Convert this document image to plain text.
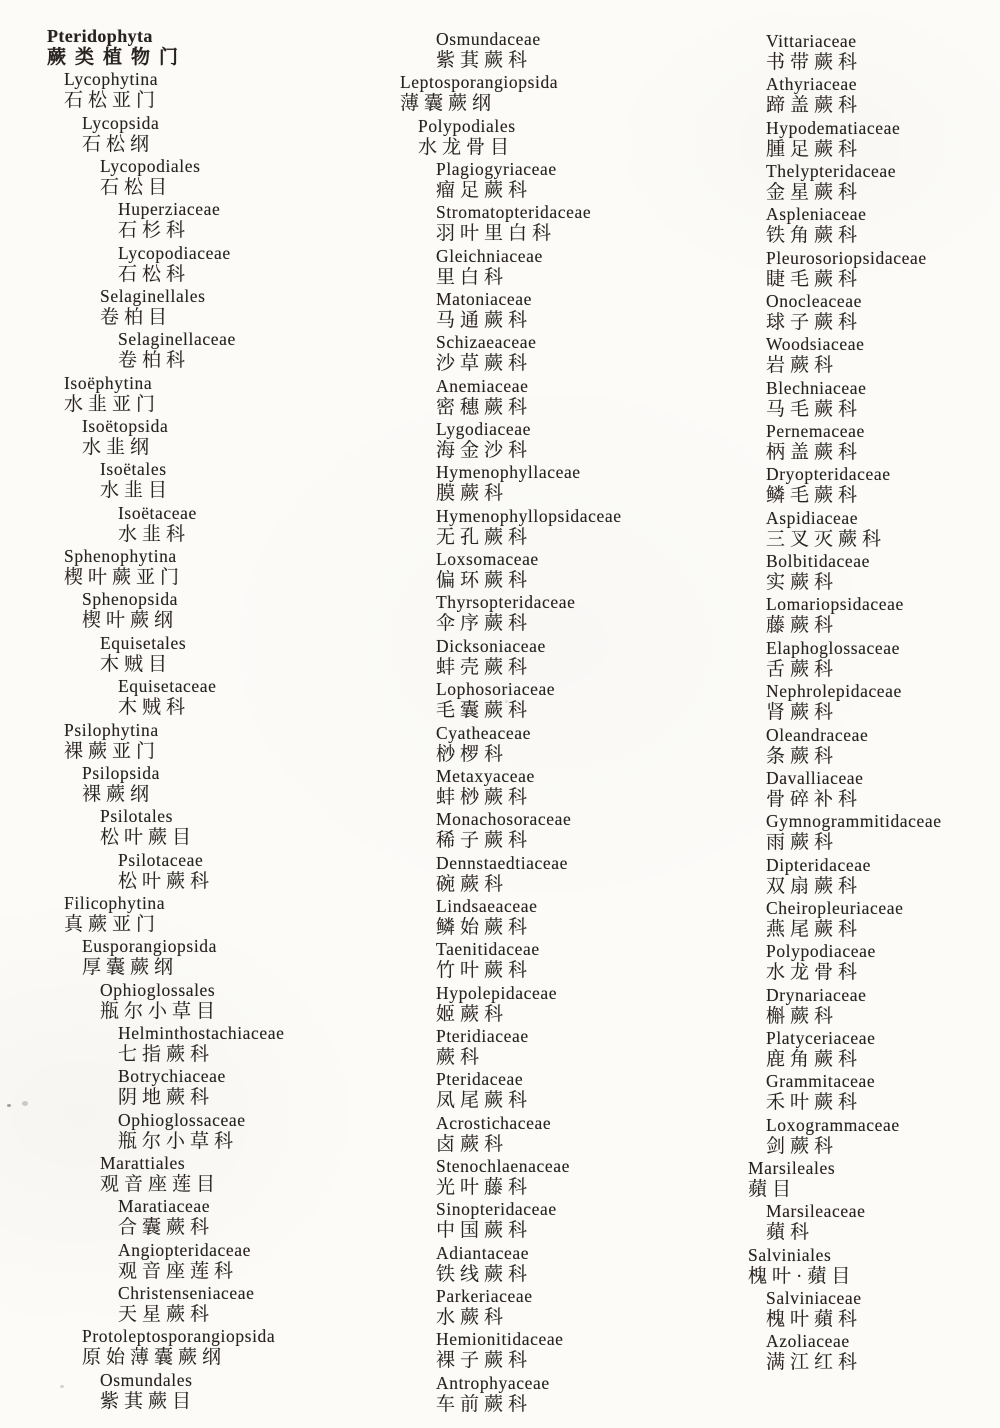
Pteridophyta
蕨类植物门
Lycophytina
石松亚门
Lycopsida
石松纲
Lycopodiales
石松目
Huperziaceae
石杉科
Lycopodiaceae
石松科
Selaginellales
卷柏目
Selaginellaceae
卷柏科
Isoëphytina
水韭亚门
Isoëtopsida
水韭纲
Isoëtales
水韭目
Isoëtaceae
水韭科
Sphenophytina
楔叶蕨亚门
Sphenopsida
楔叶蕨纲
Equisetales
木贼目
Equisetaceae
木贼科
Psilophytina
裸蕨亚门
Psilopsida
裸蕨纲
Psilotales
松叶蕨目
Psilotaceae
松叶蕨科
Filicophytina
真蕨亚门
Eusporangiopsida
厚囊蕨纲
Ophioglossales
瓶尔小草目
Helminthostachiaceae
七指蕨科
Botrychiaceae
阴地蕨科
Ophioglossaceae
瓶尔小草科
Marattiales
观音座莲目
Maratiaceae
合囊蕨科
Angiopteridaceae
观音座莲科
Christenseniaceae
天星蕨科
Protoleptosporangiopsida
原始薄囊蕨纲
Osmundales
紫萁蕨目
Osmundaceae
紫萁蕨科
Leptosporangiopsida
薄囊蕨纲
Polypodiales
水龙骨目
Plagiogyriaceae
瘤足蕨科
Stromatopteridaceae
羽叶里白科
Gleichniaceae
里白科
Matoniaceae
马通蕨科
Schizaeaceae
沙草蕨科
Anemiaceae
密穗蕨科
Lygodiaceae
海金沙科
Hymenophyllaceae
膜蕨科
Hymenophyllopsidaceae
无孔蕨科
Loxsomaceae
偏环蕨科
Thyrsopteridaceae
伞序蕨科
Dicksoniaceae
蚌壳蕨科
Lophosoriaceae
毛囊蕨科
Cyatheaceae
桫椤科
Metaxyaceae
蚌桫蕨科
Monachosoraceae
稀子蕨科
Dennstaedtiaceae
碗蕨科
Lindsaeaceae
鳞始蕨科
Taenitidaceae
竹叶蕨科
Hypolepidaceae
姬蕨科
Pteridiaceae
蕨科
Pteridaceae
凤尾蕨科
Acrostichaceae
卤蕨科
Stenochlaenaceae
光叶藤科
Sinopteridaceae
中国蕨科
Adiantaceae
铁线蕨科
Parkeriaceae
水蕨科
Hemionitidaceae
裸子蕨科
Antrophyaceae
车前蕨科
Vittariaceae
书带蕨科
Athyriaceae
蹄盖蕨科
Hypodematiaceae
腫足蕨科
Thelypteridaceae
金星蕨科
Aspleniaceae
铁角蕨科
Pleurosoriopsidaceae
睫毛蕨科
Onocleaceae
球子蕨科
Woodsiaceae
岩蕨科
Blechniaceae
马毛蕨科
Pernemaceae
柄盖蕨科
Dryopteridaceae
鳞毛蕨科
Aspidiaceae
三叉灭蕨科
Bolbitidaceae
实蕨科
Lomariopsidaceae
藤蕨科
Elaphoglossaceae
舌蕨科
Nephrolepidaceae
肾蕨科
Oleandraceae
条蕨科
Davalliaceae
骨碎补科
Gymnogrammitidaceae
雨蕨科
Dipteridaceae
双扇蕨科
Cheiropleuriaceae
燕尾蕨科
Polypodiaceae
水龙骨科
Drynariaceae
槲蕨科
Platyceriaceae
鹿角蕨科
Grammitaceae
禾叶蕨科
Loxogrammaceae
剑蕨科
Marsileales
蘋目
Marsileaceae
蘋科
Salviniales
槐叶·蘋目
Salviniaceae
槐叶蘋科
Azoliaceae
满江红科
